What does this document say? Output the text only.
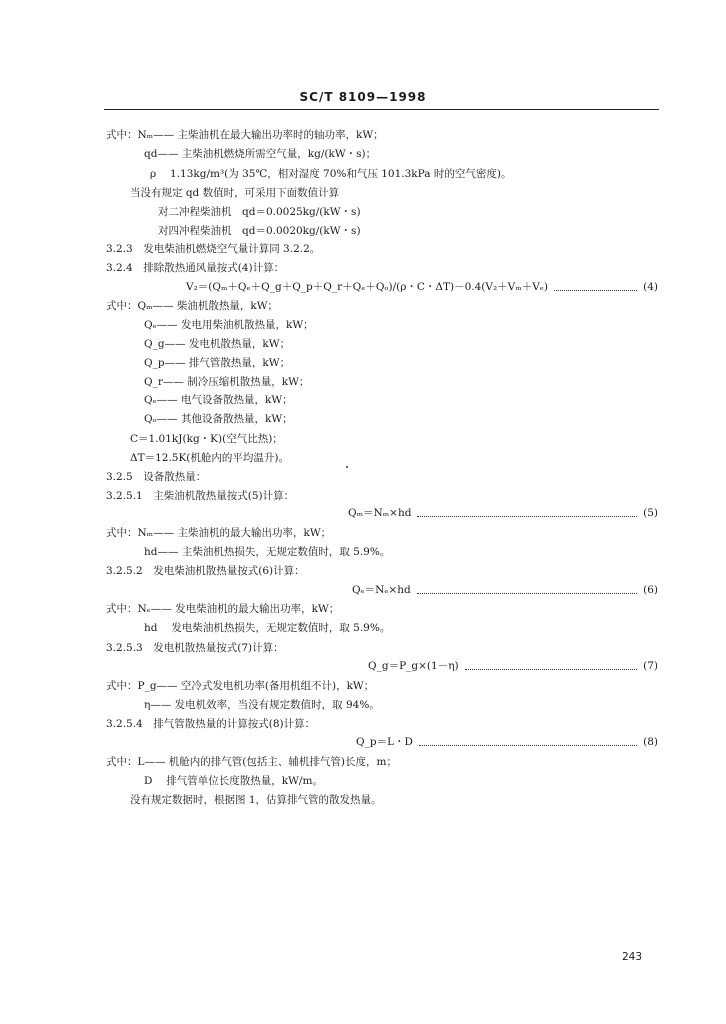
SC/T 8109—1998
式中：Nₘ—— 主柴油机在最大输出功率时的轴功率，kW；
qd—— 主柴油机燃烧所需空气量，kg/(kW・s)；
ρ　 1.13kg/m³(为 35℃，相对湿度 70%和气压 101.3kPa 时的空气密度)。
当没有规定 qd 数值时，可采用下面数值计算
对二冲程柴油机　qd＝0.0025kg/(kW・s)
对四冲程柴油机　qd＝0.0020kg/(kW・s)
3.2.3　发电柴油机燃烧空气量计算同 3.2.2。
3.2.4　排除散热通风量按式(4)计算：
V₂＝(Qₘ＋Qₑ＋Q_g＋Q_p＋Q_r＋Qₑ＋Qₒ)/(ρ・C・ΔT)－0.4(V₂＋Vₘ＋Vₑ)	(4)
式中：Qₘ—— 柴油机散热量，kW；
Qₑ—— 发电用柴油机散热量，kW；
Q_g—— 发电机散热量，kW；
Q_p—— 排气管散热量，kW；
Q_r—— 制冷压缩机散热量，kW；
Qₑ—— 电气设备散热量，kW；
Qₒ—— 其他设备散热量，kW；
C＝1.01kJ(kg・K)(空气比热)；
ΔT＝12.5K(机舱内的平均温升)。
3.2.5　设备散热量：
3.2.5.1　主柴油机散热量按式(5)计算：
Qₘ＝Nₘ×hd	(5)
式中：Nₘ—— 主柴油机的最大输出功率，kW；
hd—— 主柴油机热损失，无规定数值时，取 5.9%。
3.2.5.2　发电柴油机散热量按式(6)计算：
Qₑ＝Nₑ×hd	(6)
式中：Nₑ—— 发电柴油机的最大输出功率，kW；
hd　 发电柴油机热损失，无规定数值时，取 5.9%。
3.2.5.3　发电机散热量按式(7)计算：
Q_g＝P_g×(1－η)	(7)
式中：P_g—— 空冷式发电机功率(备用机组不计)，kW；
η—— 发电机效率，当没有规定数值时，取 94%。
3.2.5.4　排气管散热量的计算按式(8)计算：
Q_p＝L・D	(8)
式中：L—— 机舱内的排气管(包括主、辅机排气管)长度，m；
D　 排气管单位长度散热量，kW/m。
没有规定数据时，根据图 1，估算排气管的散发热量。
243
